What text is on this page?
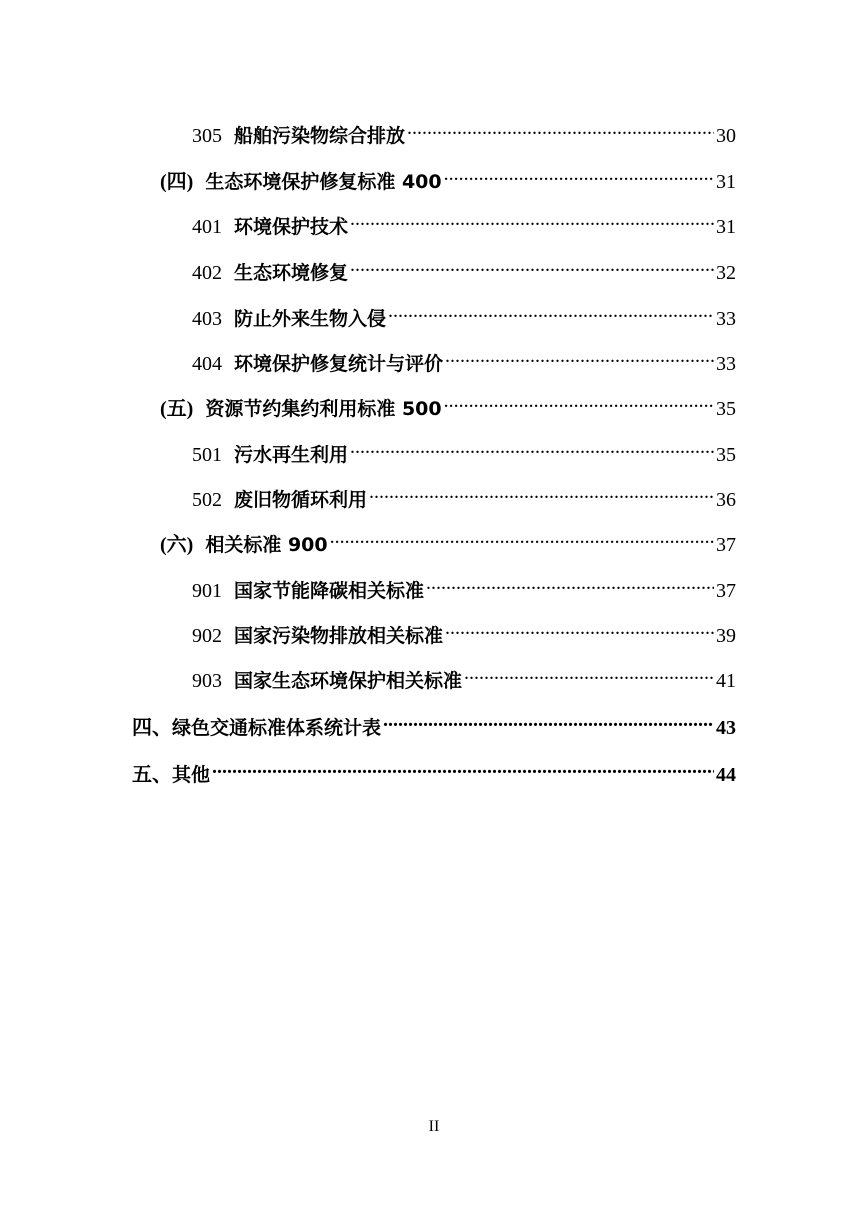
305 船舶污染物综合排放 .....	30
(四) 生态环境保护修复标准 400 .....	31
401 环境保护技术 .....	31
402 生态环境修复 .....	32
403 防止外来生物入侵 .....	33
404 环境保护修复统计与评价 .....	33
(五) 资源节约集约利用标准 500 .....	35
501 污水再生利用 .....	35
502 废旧物循环利用 .....	36
(六) 相关标准 900 .....	37
901 国家节能降碳相关标准 .....	37
902 国家污染物排放相关标准 .....	39
903 国家生态环境保护相关标准 .....	41
四、 绿色交通标准体系统计表 .....	43
五、 其他 .....	44
II
